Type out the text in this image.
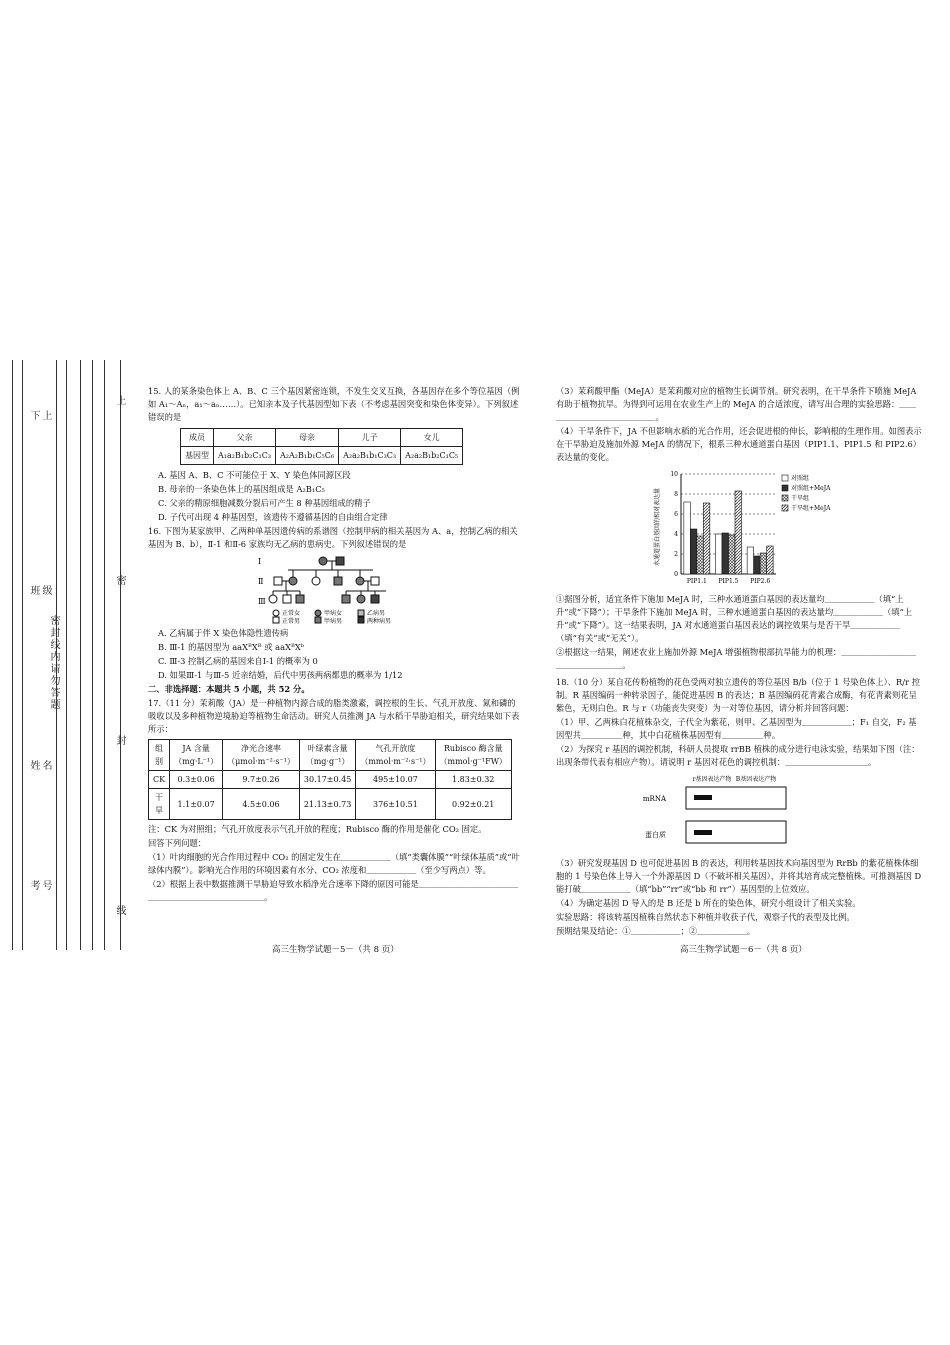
下 上
班 级
姓 名
考 号
密封线内请勿答题
上
密
封
线

15. 人的某条染色体上 A、B、C 三个基因紧密连锁，不发生交叉互换，各基因存在多个等位基因（例如 A₁～Aₙ，a₁～aₙ……）。已知亲本及子代基因型如下表（不考虑基因突变和染色体变异）。下列叙述错误的是

成员	父亲	母亲	儿子	女儿
基因型	A₁a₂B₁b₂C₁C₃	A₂A₂B₁b₁C₅C₆	A₂a₂B₁b₁C₃C₃	A₂a₂B₁b₂C₁C₅

A. 基因 A、B、C 不可能位于 X、Y 染色体同源区段

B. 母亲的一条染色体上的基因组成是 A₂B₁C₅

C. 父亲的精原细胞减数分裂后可产生 8 种基因组成的精子

D. 子代可出现 4 种基因型，该遗传不遵循基因的自由组合定律

16. 下图为某家族甲、乙两种单基因遗传病的系谱图（控制甲病的相关基因为 A、a，控制乙病的相关基因为 B、b），Ⅱ-1 和Ⅱ-6 家族均无乙病的患病史。下列叙述错误的是

Ⅰ
Ⅱ
Ⅲ
正常女
正常男
甲病女
甲病男
乙病男
两种病男

A. 乙病属于伴 X 染色体隐性遗传病

B. Ⅲ-1 的基因型为 aaXᴮXᴮ 或 aaXᴮXᵇ

C. Ⅲ-3 控制乙病的基因来自Ⅰ-1 的概率为 0

D. 如果Ⅲ-1 与Ⅲ-5 近亲结婚，后代中男孩两病都患的概率为 1/12

二、非选择题：本题共 5 小题，共 52 分。

17.（11 分）茉莉酸（JA）是一种植物内源合成的脂类激素，调控根的生长、气孔开放度、氮和磷的吸收以及多种植物逆境胁迫等植物生命活动。研究人员推测 JA 与水稻干旱胁迫相关，研究结果如下表所示：

组别	JA 含量（mg·L⁻¹）	净光合速率（μmol·m⁻²·s⁻¹）	叶绿素含量（mg·g⁻¹）	气孔开放度（mmol·m⁻²·s⁻¹）	Rubisco 酶含量（mmol·g⁻¹FW）
CK	0.3±0.06	9.7±0.26	30.17±0.45	495±10.07	1.83±0.32
干旱	1.1±0.07	4.5±0.06	21.13±0.73	376±10.51	0.92±0.21

注：CK 为对照组；气孔开放度表示气孔开放的程度；Rubisco 酶的作用是催化 CO₂ 固定。

回答下列问题：

（1）叶肉细胞的光合作用过程中 CO₂ 的固定发生在＿＿＿＿＿＿（填“类囊体膜”“叶绿体基质”或“叶绿体内膜”）。影响光合作用的环境因素有水分、CO₂ 浓度和＿＿＿＿＿＿（至少写两点）等。

（2）根据上表中数据推测干旱胁迫导致水稻净光合速率下降的原因可能是＿＿＿＿＿＿＿＿＿＿＿＿＿＿＿＿＿＿＿＿＿＿＿＿＿＿。

高三生物学试题－5－（共 8 页）

（3）茉莉酸甲酯（MeJA）是茉莉酸对应的植物生长调节剂。研究表明，在干旱条件下喷施 MeJA 有助于植物抗旱。为得到可运用在农业生产上的 MeJA 的合适浓度，请写出合理的实验思路：＿＿＿＿＿＿＿＿＿＿＿＿＿＿。

（4）干旱条件下，JA 不但影响水稻的光合作用，还会促进根的伸长，影响根的生理作用。如图表示在干旱胁迫及施加外源 MeJA 的情况下，根系三种水通道蛋白基因（PIP1.1、PIP1.5 和 PIP2.6）表达量的变化。

水通道蛋白基因的相对表达量
0
2
4
6
8
10
PIP1.1 PIP1.5 PIP2.6
对照组
对照组+MeJA
干旱组
干旱组+MeJA

①据图分析，适宜条件下施加 MeJA 时，三种水通道蛋白基因的表达量均＿＿＿＿＿＿（填“上升”或“下降”）；干旱条件下施加 MeJA 时，三种水通道蛋白基因的表达量均＿＿＿＿＿＿（填“上升”或“下降”）。这一结果表明，JA 对水通道蛋白基因表达的调控效果与是否干旱＿＿＿＿＿＿（填“有关”或“无关”）。

②根据这一结果，阐述农业上施加外源 MeJA 增强植物根部抗旱能力的机理：＿＿＿＿＿＿＿＿＿＿＿＿＿＿＿＿＿。

18.（10 分）某自花传粉植物的花色受两对独立遗传的等位基因 B/b（位于 1 号染色体上）、R/r 控制。R 基因编码一种转录因子，能促进基因 B 的表达；B 基因编码花青素合成酶，有花青素则花呈紫色，无则白色。R 与 r（功能丧失突变）为一对等位基因，请分析并回答问题：

（1）甲、乙两株白花植株杂交，子代全为紫花，则甲、乙基因型为＿＿＿＿＿＿；F₁ 自交，F₂ 基因型共＿＿＿＿＿种，其中白花植株基因型有＿＿＿＿＿种。

（2）为探究 r 基因的调控机制，科研人员提取 rrBB 植株的成分进行电泳实验，结果如下图（注：出现条带代表有相应产物）。请说明 r 基因对花色的调控机制：＿＿＿＿＿＿＿＿＿＿。

r基因表达产物 B基因表达产物
mRNA
蛋白质

（3）研究发现基因 D 也可促进基因 B 的表达，利用转基因技术向基因型为 RrBb 的紫花植株体细胞的 1 号染色体上导入一个外源基因 D（不破坏相关基因），并将其培育成完整植株。可推测基因 D 能打破＿＿＿＿＿＿（填“bb”“rr”或“bb 和 rr”）基因型的上位效应。

（4）为确定基因 D 导入的是 B 还是 b 所在的染色体，研究小组设计了相关实验。

实验思路：将该转基因植株自然状态下种植并收获子代，观察子代的表型及比例。

预期结果及结论：①＿＿＿＿＿＿；②＿＿＿＿＿＿。

高三生物学试题－6－（共 8 页）
